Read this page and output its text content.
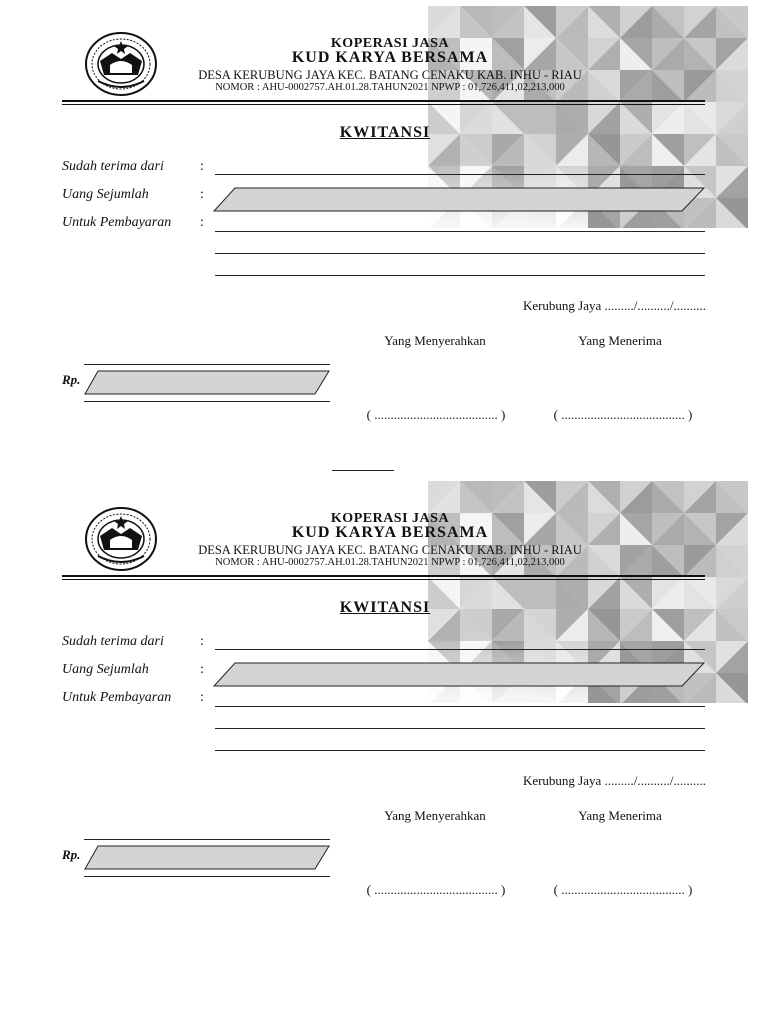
KOPERASI JASA
KUD KARYA BERSAMA
DESA KERUBUNG JAYA KEC. BATANG CENAKU KAB. INHU - RIAU
NOMOR : AHU-0002757.AH.01.28.TAHUN2021 NPWP : 01,726,411,02,213,000
KWITANSI
Sudah terima dari	:
Uang Sejumlah	:
Untuk Pembayaran :
Kerubung Jaya ........./........../..........
Yang Menyerahkan	Yang Menerima
Rp.
( ...................................... )	( ...................................... )
KOPERASI JASA
KUD KARYA BERSAMA
DESA KERUBUNG JAYA KEC. BATANG CENAKU KAB. INHU - RIAU
NOMOR : AHU-0002757.AH.01.28.TAHUN2021 NPWP : 01,726,411,02,213,000
KWITANSI
Sudah terima dari	:
Uang Sejumlah	:
Untuk Pembayaran :
Kerubung Jaya ........./........../..........
Yang Menyerahkan	Yang Menerima
Rp.
( ...................................... )	( ...................................... )
